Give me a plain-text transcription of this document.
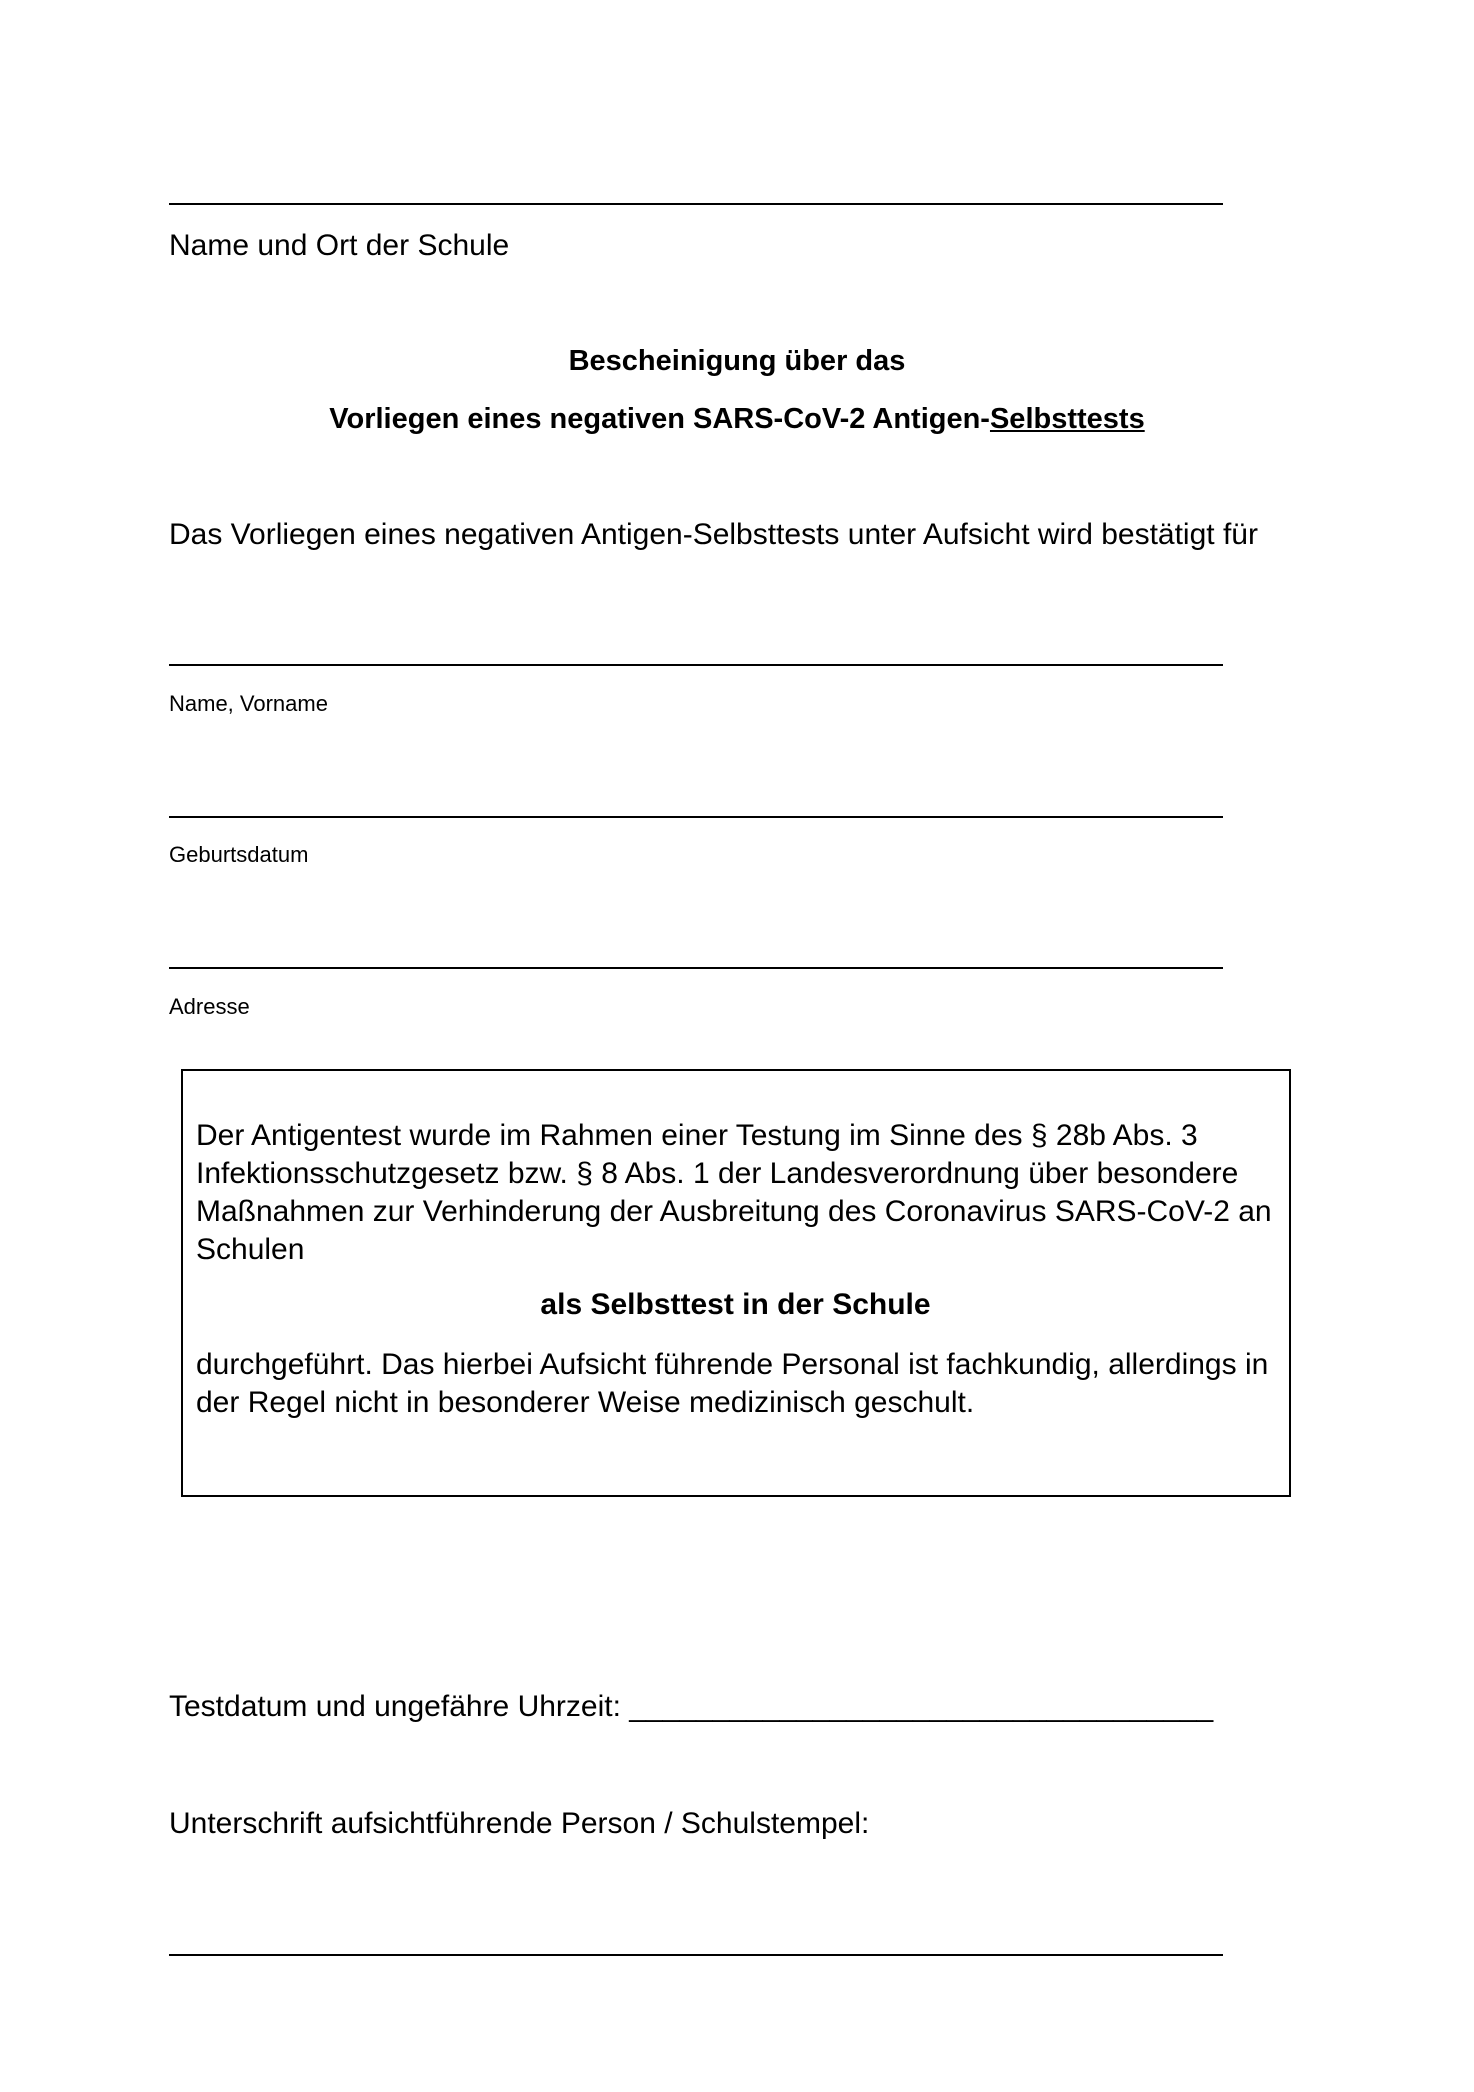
Name und Ort der Schule
Bescheinigung über das
Vorliegen eines negativen SARS-CoV-2 Antigen-Selbsttests
Das Vorliegen eines negativen Antigen-Selbsttests unter Aufsicht wird bestätigt für
Name, Vorname
Geburtsdatum
Adresse

Der Antigentest wurde im Rahmen einer Testung im Sinne des § 28b Abs. 3 Infektionsschutzgesetz bzw. § 8 Abs. 1 der Landesverordnung über besondere Maßnahmen zur Verhinderung der Ausbreitung des Coronavirus SARS-CoV-2 an Schulen

als Selbsttest in der Schule

durchgeführt. Das hierbei Aufsicht führende Personal ist fachkundig, allerdings in der Regel nicht in besonderer Weise medizinisch geschult.

Testdatum und ungefähre Uhrzeit: ___________________________________
Unterschrift aufsichtführende Person / Schulstempel:
